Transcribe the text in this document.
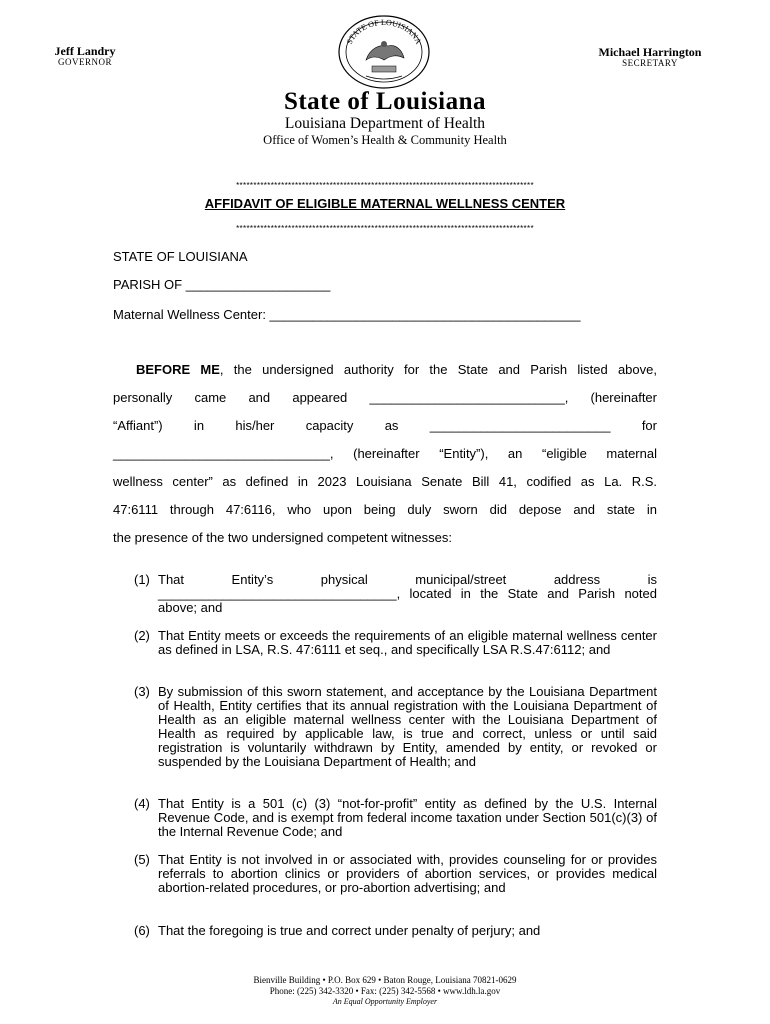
Jeff Landry
GOVERNOR
Michael Harrington
SECRETARY
STATE OF LOUISIANA
State of Louisiana
Louisiana Department of Health
Office of Women’s Health & Community Health
**************************************************************************************
AFFIDAVIT OF ELIGIBLE MATERNAL WELLNESS CENTER
**************************************************************************************
STATE OF LOUISIANA
PARISH OF ____________________
Maternal Wellness Center: ___________________________________________
BEFORE ME, the undersigned authority for the State and Parish listed above,
personally came and appeared ___________________________, (hereinafter
“Affiant”) in his/her capacity as _________________________ for
______________________________, (hereinafter “Entity”), an “eligible maternal
wellness center” as defined in 2023 Louisiana Senate Bill 41, codified as La. R.S.
47:6111 through 47:6116, who upon being duly sworn did depose and state in
the presence of the two undersigned competent witnesses:
(1) That Entity’s physical municipal/street address is _________________________________, located in the State and Parish noted above; and
(2) That Entity meets or exceeds the requirements of an eligible maternal wellness center as defined in LSA, R.S. 47:6111 et seq., and specifically LSA R.S.47:6112; and
(3) By submission of this sworn statement, and acceptance by the Louisiana Department of Health, Entity certifies that its annual registration with the Louisiana Department of Health as an eligible maternal wellness center with the Louisiana Department of Health as required by applicable law, is true and correct, unless or until said registration is voluntarily withdrawn by Entity, amended by entity, or revoked or suspended by the Louisiana Department of Health; and
(4) That Entity is a 501 (c) (3) “not-for-profit” entity as defined by the U.S. Internal Revenue Code, and is exempt from federal income taxation under Section 501(c)(3) of the Internal Revenue Code; and
(5) That Entity is not involved in or associated with, provides counseling for or provides referrals to abortion clinics or providers of abortion services, or provides medical abortion-related procedures, or pro-abortion advertising; and
(6) That the foregoing is true and correct under penalty of perjury; and
Bienville Building • P.O. Box 629 • Baton Rouge, Louisiana 70821-0629
Phone: (225) 342-3320 • Fax: (225) 342-5568 • www.ldh.la.gov
An Equal Opportunity Employer
